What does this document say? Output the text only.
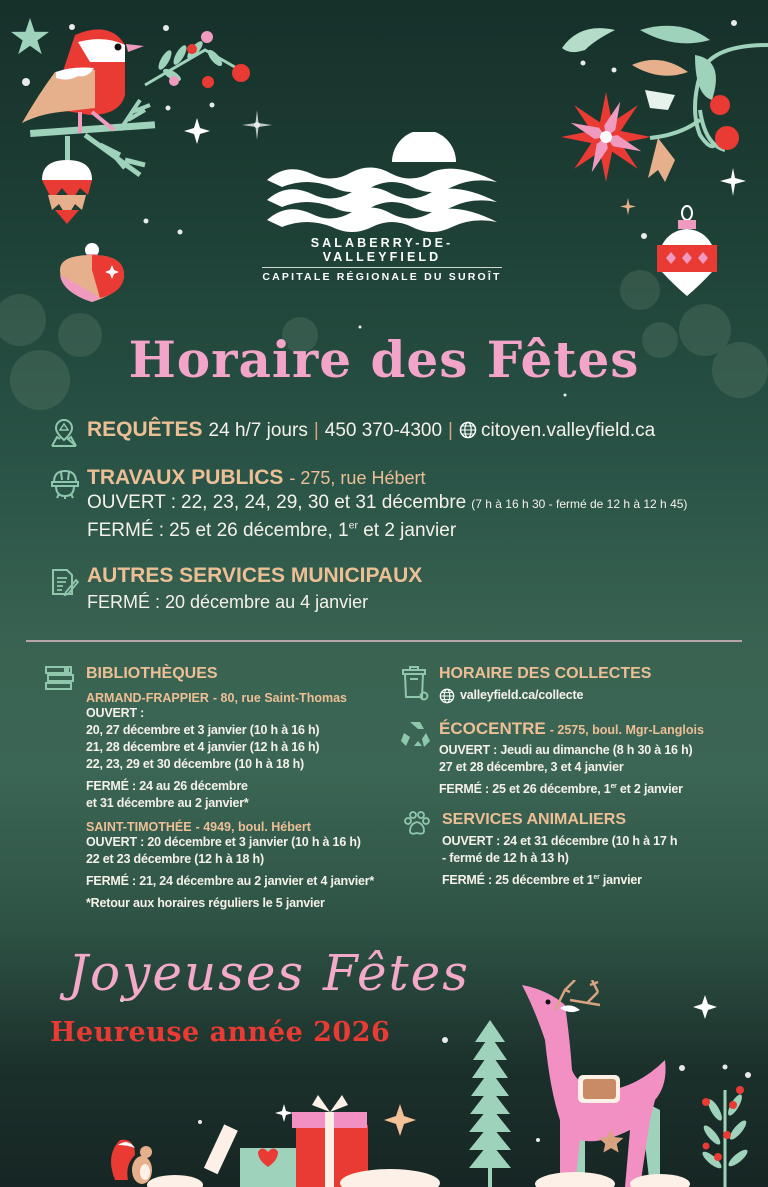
SALABERRY-DE-VALLEYFIELD
CAPITALE RÉGIONALE DU SUROÎT
Horaire des Fêtes
REQUÊTES 24 h/7 jours | 450 370-4300 | citoyen.valleyfield.ca
TRAVAUX PUBLICS - 275, rue Hébert
OUVERT : 22, 23, 24, 29, 30 et 31 décembre (7 h à 16 h 30 - fermé de 12 h à 12 h 45)
FERMÉ : 25 et 26 décembre, 1er et 2 janvier
AUTRES SERVICES MUNICIPAUX
FERMÉ : 20 décembre au 4 janvier
BIBLIOTHÈQUES
ARMAND-FRAPPIER - 80, rue Saint-Thomas
OUVERT :
20, 27 décembre et 3 janvier (10 h à 16 h)
21, 28 décembre et 4 janvier (12 h à 16 h)
22, 23, 29 et 30 décembre (10 h à 18 h)
FERMÉ : 24 au 26 décembre
et 31 décembre au 2 janvier*
SAINT-TIMOTHÉE - 4949, boul. Hébert
OUVERT : 20 décembre et 3 janvier (10 h à 16 h)
22 et 23 décembre (12 h à 18 h)
FERMÉ : 21, 24 décembre au 2 janvier et 4 janvier*
*Retour aux horaires réguliers le 5 janvier
HORAIRE DES COLLECTES
valleyfield.ca/collecte
ÉCOCENTRE - 2575, boul. Mgr-Langlois
OUVERT : Jeudi au dimanche (8 h 30 à 16 h)
27 et 28 décembre, 3 et 4 janvier
FERMÉ : 25 et 26 décembre, 1er et 2 janvier
SERVICES ANIMALIERS
OUVERT : 24 et 31 décembre (10 h à 17 h
- fermé de 12 h à 13 h)
FERMÉ : 25 décembre et 1er janvier
Joyeuses Fêtes
Heureuse année 2026
